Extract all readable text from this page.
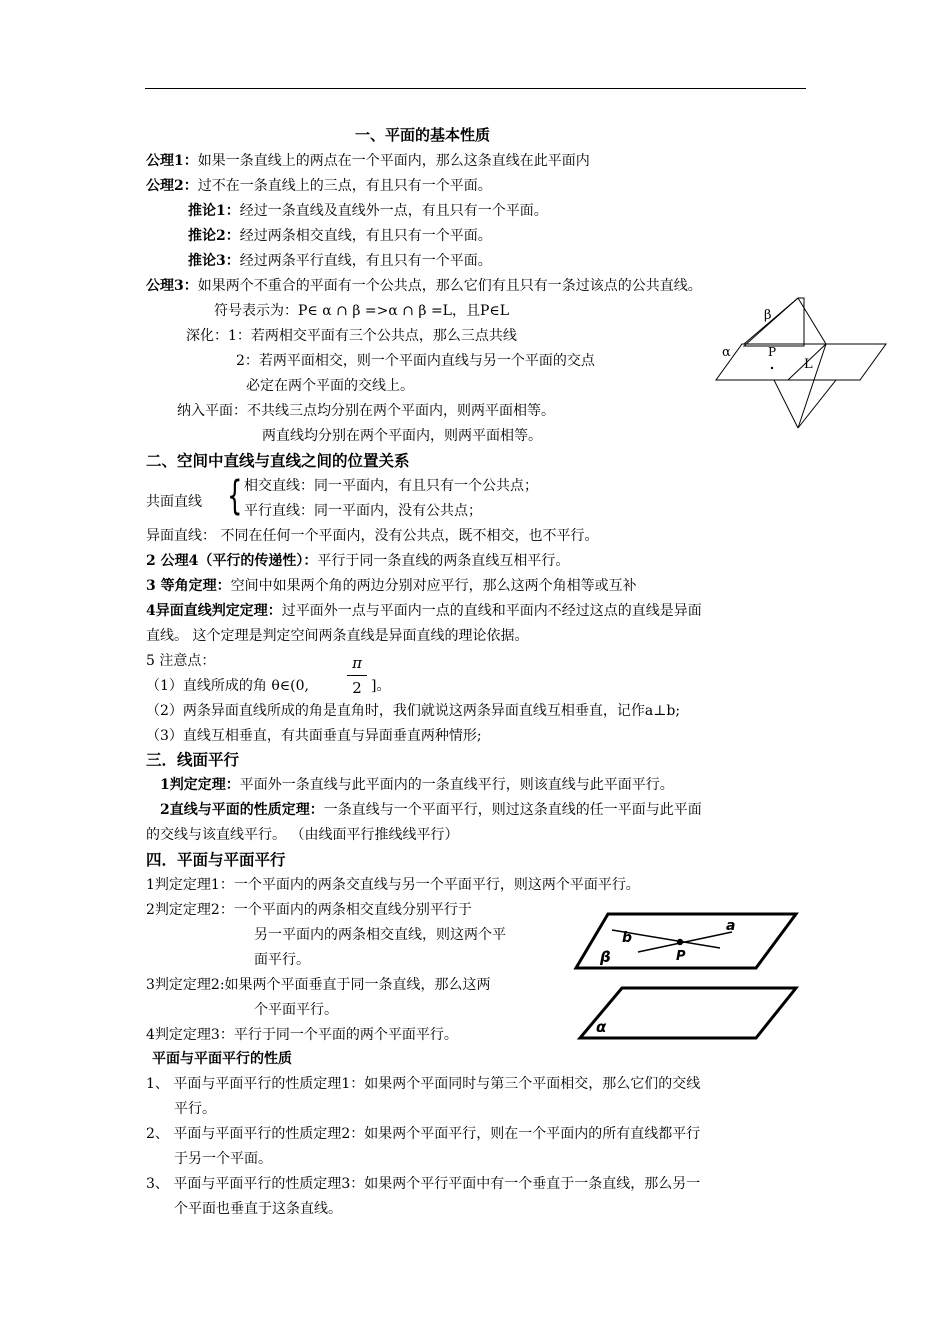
一、平面的基本性质
公理1：如果一条直线上的两点在一个平面内，那么这条直线在此平面内
公理2：过不在一条直线上的三点，有且只有一个平面。
推论1：经过一条直线及直线外一点，有且只有一个平面。
推论2：经过两条相交直线，有且只有一个平面。
推论3：经过两条平行直线，有且只有一个平面。
公理3：如果两个不重合的平面有一个公共点，那么它们有且只有一条过该点的公共直线。
符号表示为：P∈ α ∩ β =>α ∩ β =L，且P∈L
深化：1：若两相交平面有三个公共点，那么三点共线
2：若两平面相交，则一个平面内直线与另一个平面的交点
必定在两个平面的交线上。
纳入平面：不共线三点均分别在两个平面内，则两平面相等。
两直线均分别在两个平面内，则两平面相等。
β
α	P
L
二、空间中直线与直线之间的位置关系
共面直线 { 相交直线：同一平面内，有且只有一个公共点；
平行直线：同一平面内，没有公共点；
异面直线： 不同在任何一个平面内，没有公共点，既不相交，也不平行。
2 公理4（平行的传递性）：平行于同一条直线的两条直线互相平行。
3 等角定理：空间中如果两个角的两边分别对应平行，那么这两个角相等或互补
4异面直线判定定理：过平面外一点与平面内一点的直线和平面内不经过这点的直线是异面
直线。 这个定理是判定空间两条直线是异面直线的理论依据。
5 注意点：	π
2
（1）直线所成的角 θ∈(0,	]。
（2）两条异面直线所成的角是直角时，我们就说这两条异面直线互相垂直，记作a⊥b;
（3）直线互相垂直，有共面垂直与异面垂直两种情形;
三．线面平行
1判定定理：平面外一条直线与此平面内的一条直线平行，则该直线与此平面平行。
2直线与平面的性质定理：一条直线与一个平面平行，则过这条直线的任一平面与此平面
的交线与该直线平行。 （由线面平行推线线平行）
四．平面与平面平行
1判定定理1：一个平面内的两条交直线与另一个平面平行，则这两个平面平行。
2判定定理2：一个平面内的两条相交直线分别平行于
另一平面内的两条相交直线，则这两个平
面平行。
3判定定理2:如果两个平面垂直于同一条直线，那么这两
个平面平行。
4判定定理3：平行于同一个平面的两个平面平行。
a
b
P
β
α
平面与平面平行的性质
1、 平面与平面平行的性质定理1：如果两个平面同时与第三个平面相交，那么它们的交线
平行。
2、 平面与平面平行的性质定理2：如果两个平面平行，则在一个平面内的所有直线都平行
于另一个平面。
3、 平面与平面平行的性质定理3：如果两个平行平面中有一个垂直于一条直线，那么另一
个平面也垂直于这条直线。
